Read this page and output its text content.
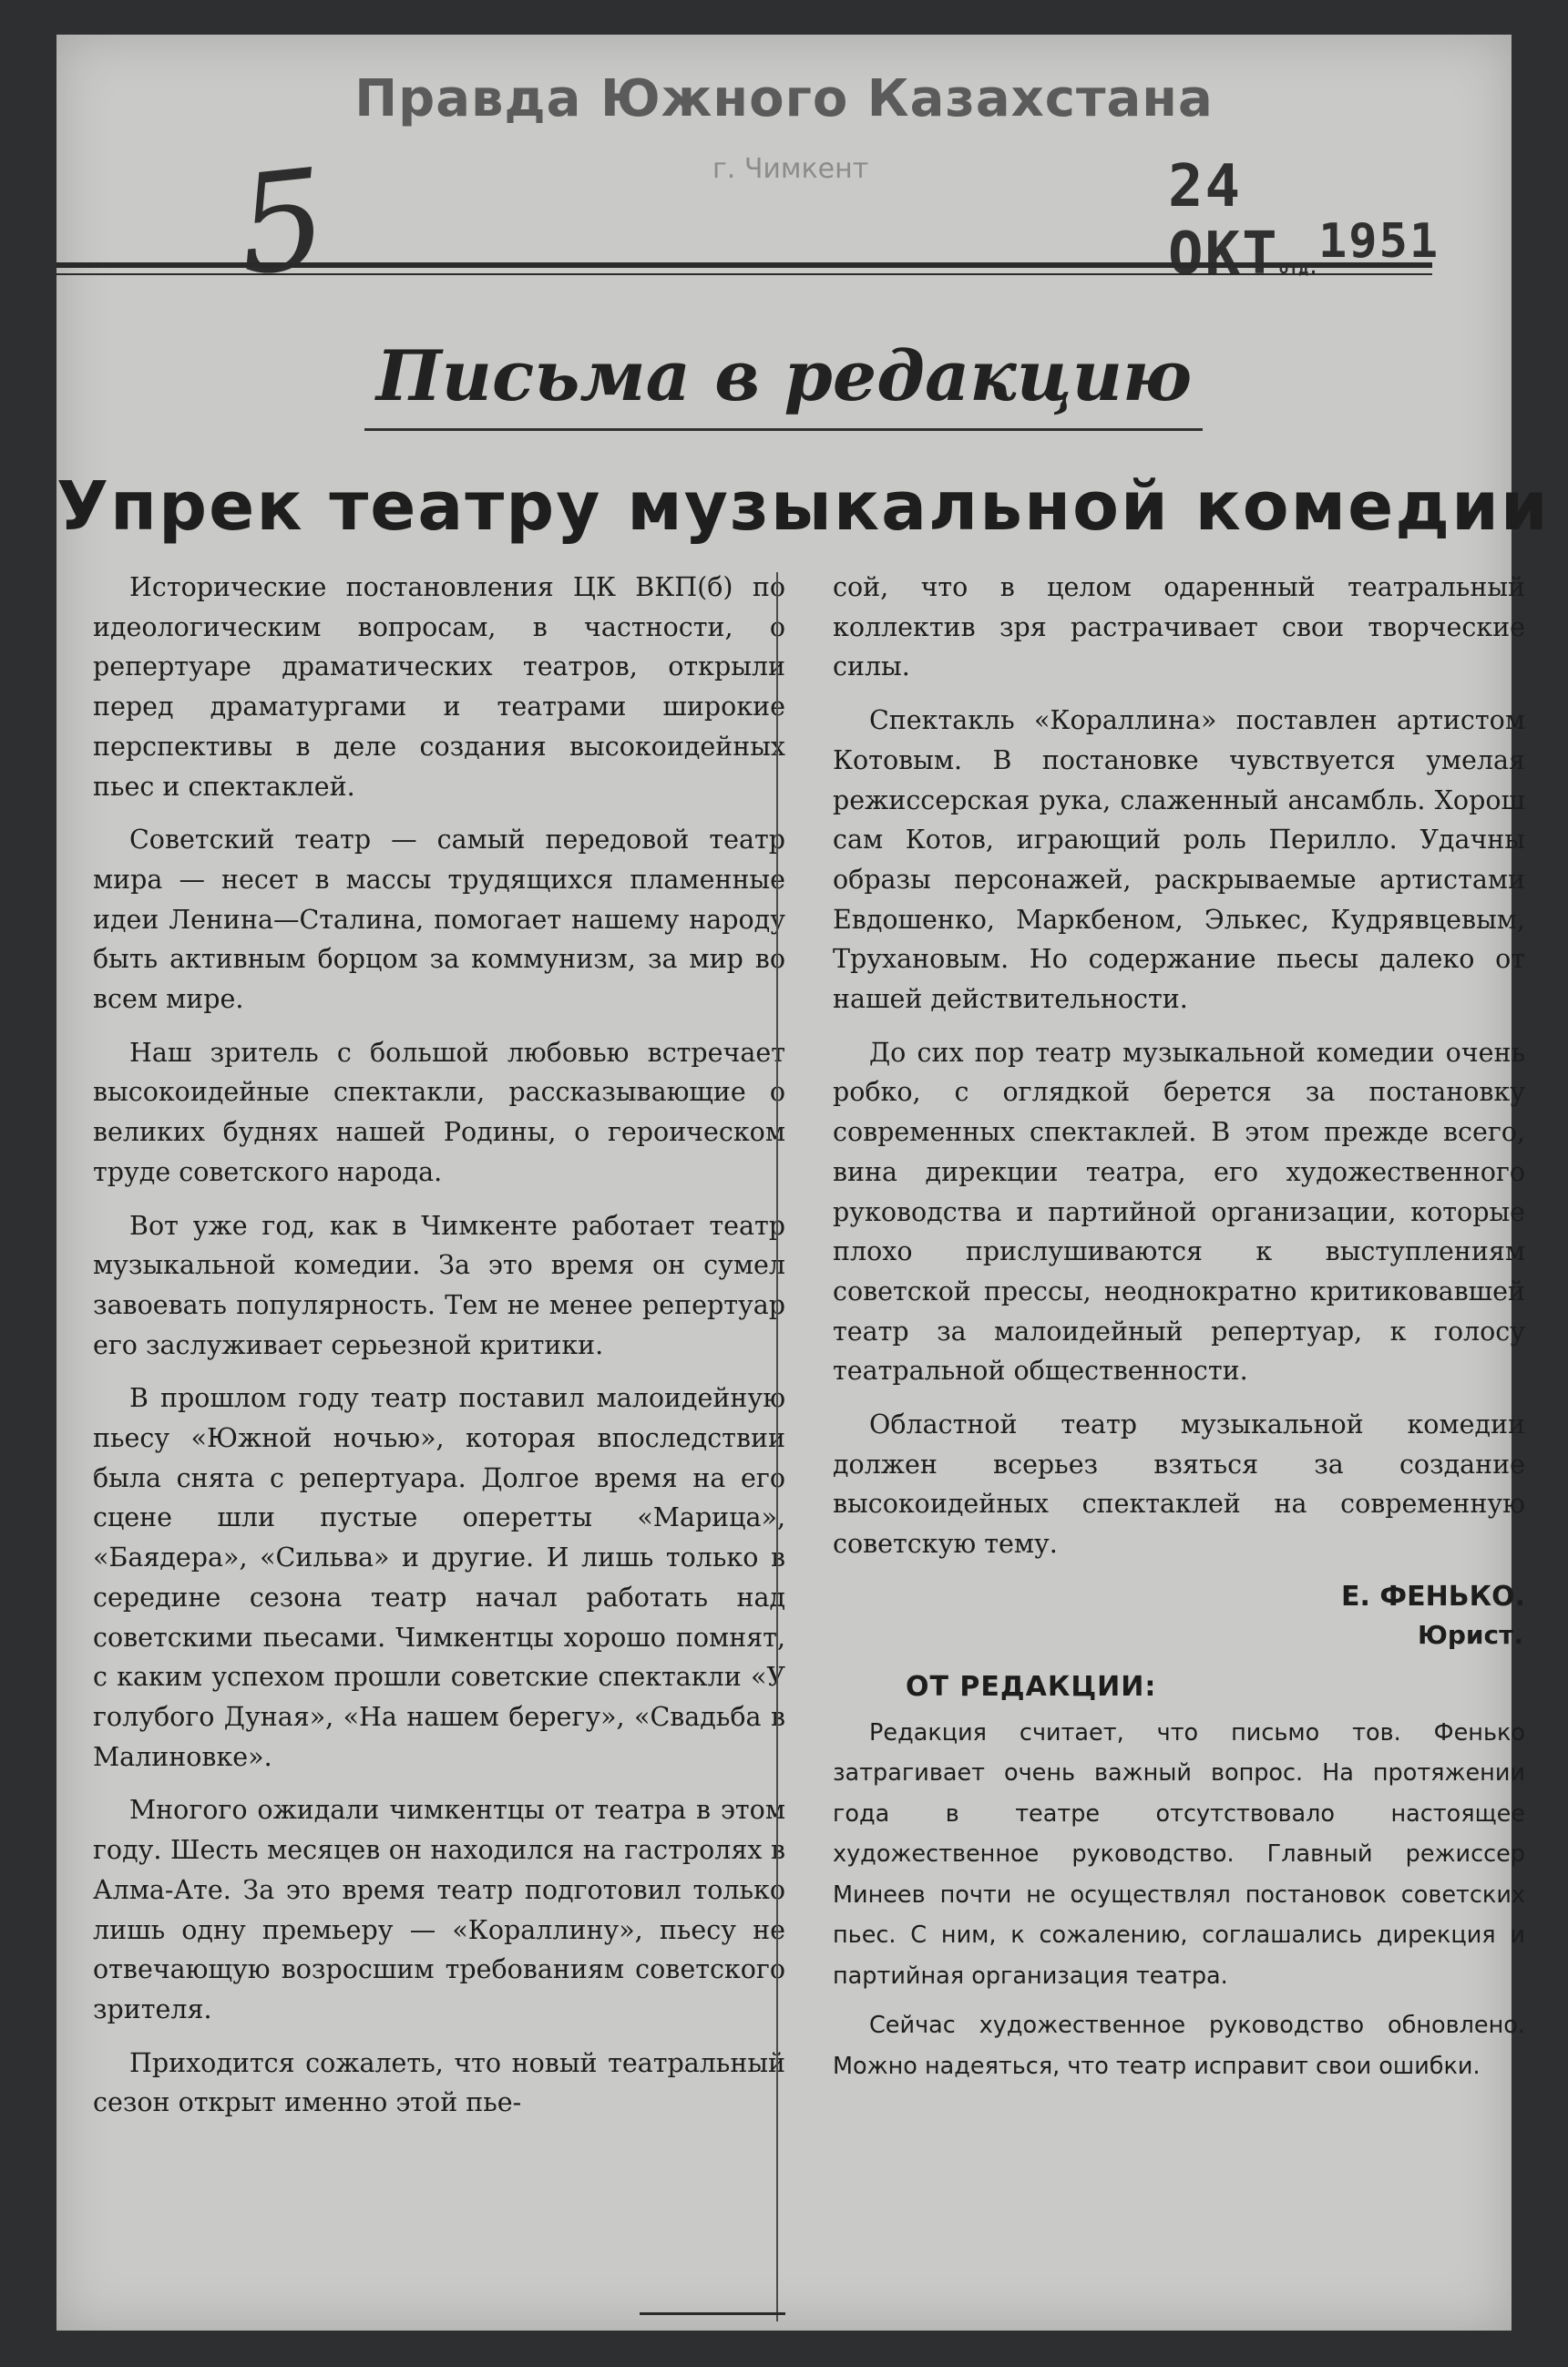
Правда Южного Казахстана
г. Чимкент
5	24 ОКТотд.$^{1951}$
Письма в редакцию
Упрек театру музыкальной комедии

Исторические постановления ЦК ВКП(б) по идеологическим вопросам, в частности, о репертуаре драматических театров, открыли перед драматургами и театрами широкие перспективы в деле создания высокоидейных пьес и спектаклей.

Советский театр — самый передовой театр мира — несет в массы трудящихся пламенные идеи Ленина—Сталина, помогает нашему народу быть активным борцом за коммунизм, за мир во всем мире.

Наш зритель с большой любовью встречает высокоидейные спектакли, рассказывающие о великих буднях нашей Родины, о героическом труде советского народа.

Вот уже год, как в Чимкенте работает театр музыкальной комедии. За это время он сумел завоевать популярность. Тем не менее репертуар его заслуживает серьезной критики.

В прошлом году театр поставил малоидейную пьесу «Южной ночью», которая впоследствии была снята с репертуара. Долгое время на его сцене шли пустые оперетты «Марица», «Баядера», «Сильва» и другие. И лишь только в середине сезона театр начал работать над советскими пьесами. Чимкентцы хорошо помнят, с каким успехом прошли советские спектакли «У голубого Дуная», «На нашем берегу», «Свадьба в Малиновке».

Многого ожидали чимкентцы от театра в этом году. Шесть месяцев он находился на гастролях в Алма-Ате. За это время театр подготовил только лишь одну премьеру — «Кораллину», пьесу не отвечающую возросшим требованиям советского зрителя.

Приходится сожалеть, что новый театральный сезон открыт именно этой пье-

сой, что в целом одаренный театральный коллектив зря растрачивает свои творческие силы.

Спектакль «Кораллина» поставлен артистом Котовым. В постановке чувствуется умелая режиссерская рука, слаженный ансамбль. Хорош сам Котов, играющий роль Перилло. Удачны образы персонажей, раскрываемые артистами Евдошенко, Маркбеном, Элькес, Кудрявцевым, Трухановым. Но содержание пьесы далеко от нашей действительности.

До сих пор театр музыкальной комедии очень робко, с оглядкой берется за постановку современных спектаклей. В этом прежде всего, вина дирекции театра, его художественного руководства и партийной организации, которые плохо прислушиваются к выступлениям советской прессы, неоднократно критиковавшей театр за малоидейный репертуар, к голосу театральной общественности.

Областной театр музыкальной комедии должен всерьез взяться за создание высокоидейных спектаклей на современную советскую тему.

Е. ФЕНЬКО.
Юрист.
ОТ РЕДАКЦИИ:

Редакция считает, что письмо тов. Фенько затрагивает очень важный вопрос. На протяжении года в театре отсутствовало настоящее художественное руководство. Главный режиссер Минеев почти не осуществлял постановок советских пьес. С ним, к сожалению, соглашались дирекция и партийная организация театра.

Сейчас художественное руководство обновлено. Можно надеяться, что театр исправит свои ошибки.
